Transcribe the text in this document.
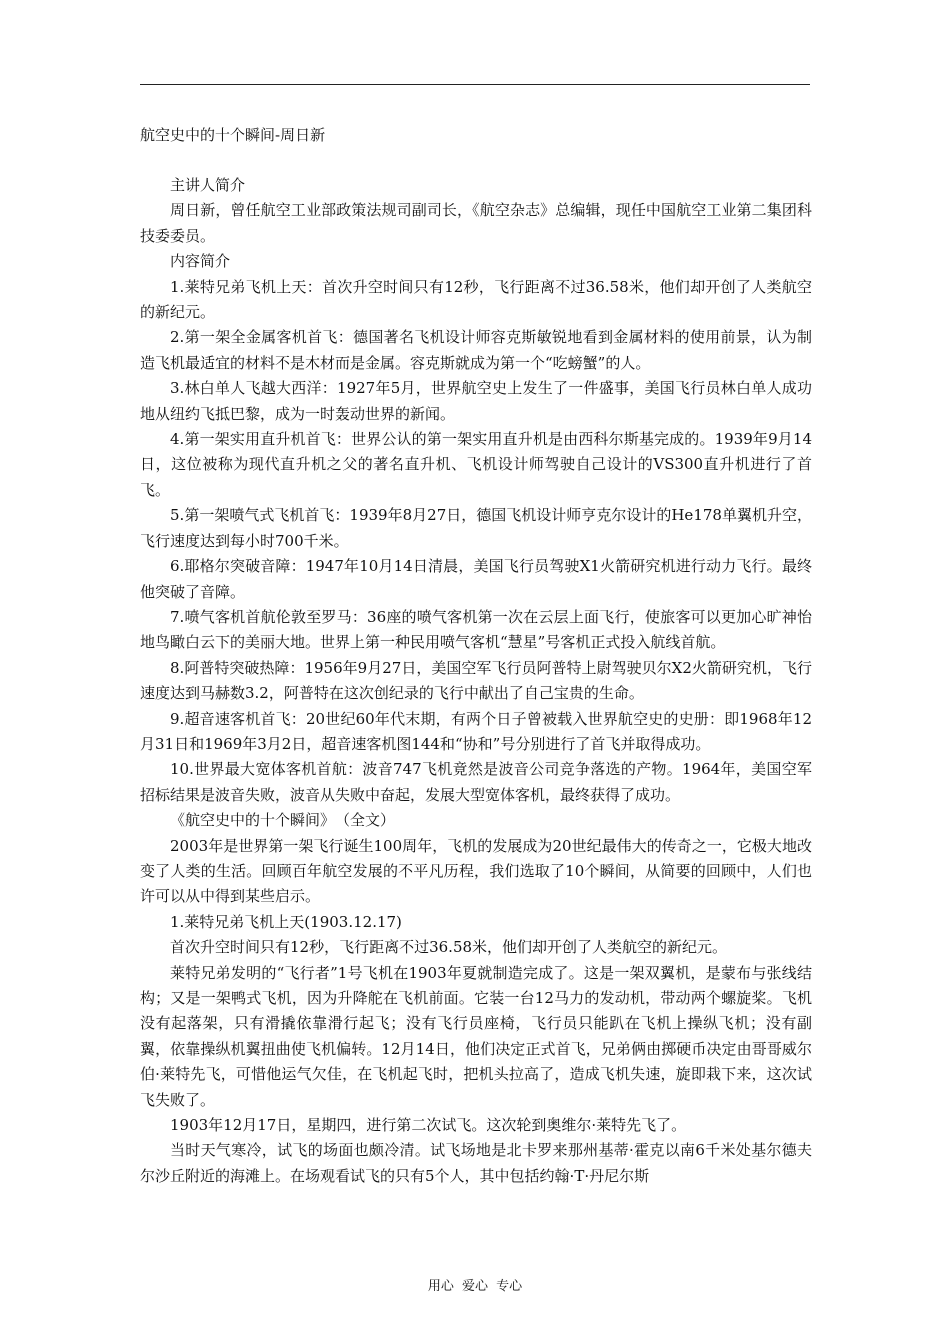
航空史中的十个瞬间-周日新

主讲人简介

周日新，曾任航空工业部政策法规司副司长，《航空杂志》总编辑，现任中国航空工业第二集团科技委委员。

内容简介

1.莱特兄弟飞机上天：首次升空时间只有12秒，飞行距离不过36.58米，他们却开创了人类航空的新纪元。

2.第一架全金属客机首飞：德国著名飞机设计师容克斯敏锐地看到金属材料的使用前景，认为制造飞机最适宜的材料不是木材而是金属。容克斯就成为第一个“吃螃蟹”的人。

3.林白单人飞越大西洋：1927年5月，世界航空史上发生了一件盛事，美国飞行员林白单人成功地从纽约飞抵巴黎，成为一时轰动世界的新闻。

4.第一架实用直升机首飞：世界公认的第一架实用直升机是由西科尔斯基完成的。1939年9月14日，这位被称为现代直升机之父的著名直升机、飞机设计师驾驶自己设计的VS300直升机进行了首飞。

5.第一架喷气式飞机首飞：1939年8月27日，德国飞机设计师亨克尔设计的He178单翼机升空，飞行速度达到每小时700千米。

6.耶格尔突破音障：1947年10月14日清晨，美国飞行员驾驶X1火箭研究机进行动力飞行。最终他突破了音障。

7.喷气客机首航伦敦至罗马：36座的喷气客机第一次在云层上面飞行，使旅客可以更加心旷神怡地鸟瞰白云下的美丽大地。世界上第一种民用喷气客机“慧星”号客机正式投入航线首航。

8.阿普特突破热障：1956年9月27日，美国空军飞行员阿普特上尉驾驶贝尔X2火箭研究机，飞行速度达到马赫数3.2，阿普特在这次创纪录的飞行中献出了自己宝贵的生命。

9.超音速客机首飞：20世纪60年代末期，有两个日子曾被载入世界航空史的史册：即1968年12月31日和1969年3月2日，超音速客机图144和“协和”号分别进行了首飞并取得成功。

10.世界最大宽体客机首航：波音747飞机竟然是波音公司竞争落选的产物。1964年，美国空军招标结果是波音失败，波音从失败中奋起，发展大型宽体客机，最终获得了成功。

《航空史中的十个瞬间》　（全文）

2003年是世界第一架飞行诞生100周年，飞机的发展成为20世纪最伟大的传奇之一，它极大地改变了人类的生活。回顾百年航空发展的不平凡历程，我们选取了10个瞬间，从简要的回顾中，人们也许可以从中得到某些启示。

1.莱特兄弟飞机上天(1903.12.17)

首次升空时间只有12秒，飞行距离不过36.58米，他们却开创了人类航空的新纪元。

莱特兄弟发明的“飞行者”1号飞机在1903年夏就制造完成了。这是一架双翼机，是蒙布与张线结构；又是一架鸭式飞机，因为升降舵在飞机前面。它装一台12马力的发动机，带动两个螺旋桨。飞机没有起落架，只有滑撬依靠滑行起飞；没有飞行员座椅，飞行员只能趴在飞机上操纵飞机；没有副翼，依靠操纵机翼扭曲使飞机偏转。12月14日，他们决定正式首飞，兄弟俩由掷硬币决定由哥哥威尔伯·莱特先飞，可惜他运气欠佳，在飞机起飞时，把机头拉高了，造成飞机失速，旋即栽下来，这次试飞失败了。

1903年12月17日，星期四，进行第二次试飞。这次轮到奥维尔·莱特先飞了。

当时天气寒冷，试飞的场面也颇冷清。试飞场地是北卡罗来那州基蒂·霍克以南6千米处基尔德夫尔沙丘附近的海滩上。在场观看试飞的只有5个人，其中包括约翰·T·丹尼尔斯

用心 爱心 专心
